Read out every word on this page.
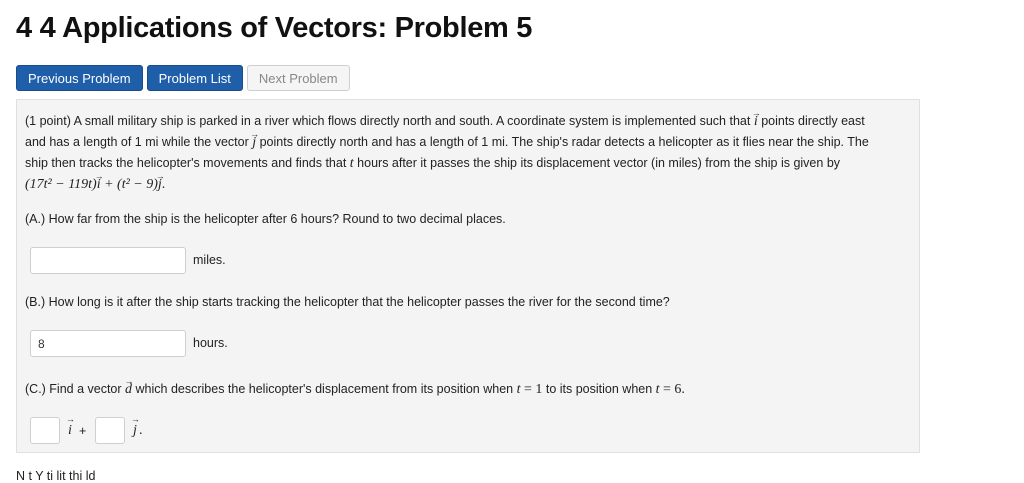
4 4 Applications of Vectors: Problem 5
Previous Problem	Problem List	Next Problem
(1 point) A small military ship is parked in a river which flows directly north and south. A coordinate system is implemented such that → i points directly east
and has a length of 1 mi while the vector → j points directly north and has a length of 1 mi. The ship's radar detects a helicopter as it flies near the ship. The
ship then tracks the helicopter's movements and finds that t hours after it passes the ship its displacement vector (in miles) from the ship is given by
(17t² − 119t)→ i + (t² − 9)→ j.
(A.) How far from the ship is the helicopter after 6 hours? Round to two decimal places.
miles.
(B.) How long is it after the ship starts tracking the helicopter that the helicopter passes the river for the second time?
8
hours.
(C.) Find a vector → d which describes the helicopter's displacement from its position when t = 1 to its position when t = 6.
→ i +	→ j .
N t Y ti lit thi ld
